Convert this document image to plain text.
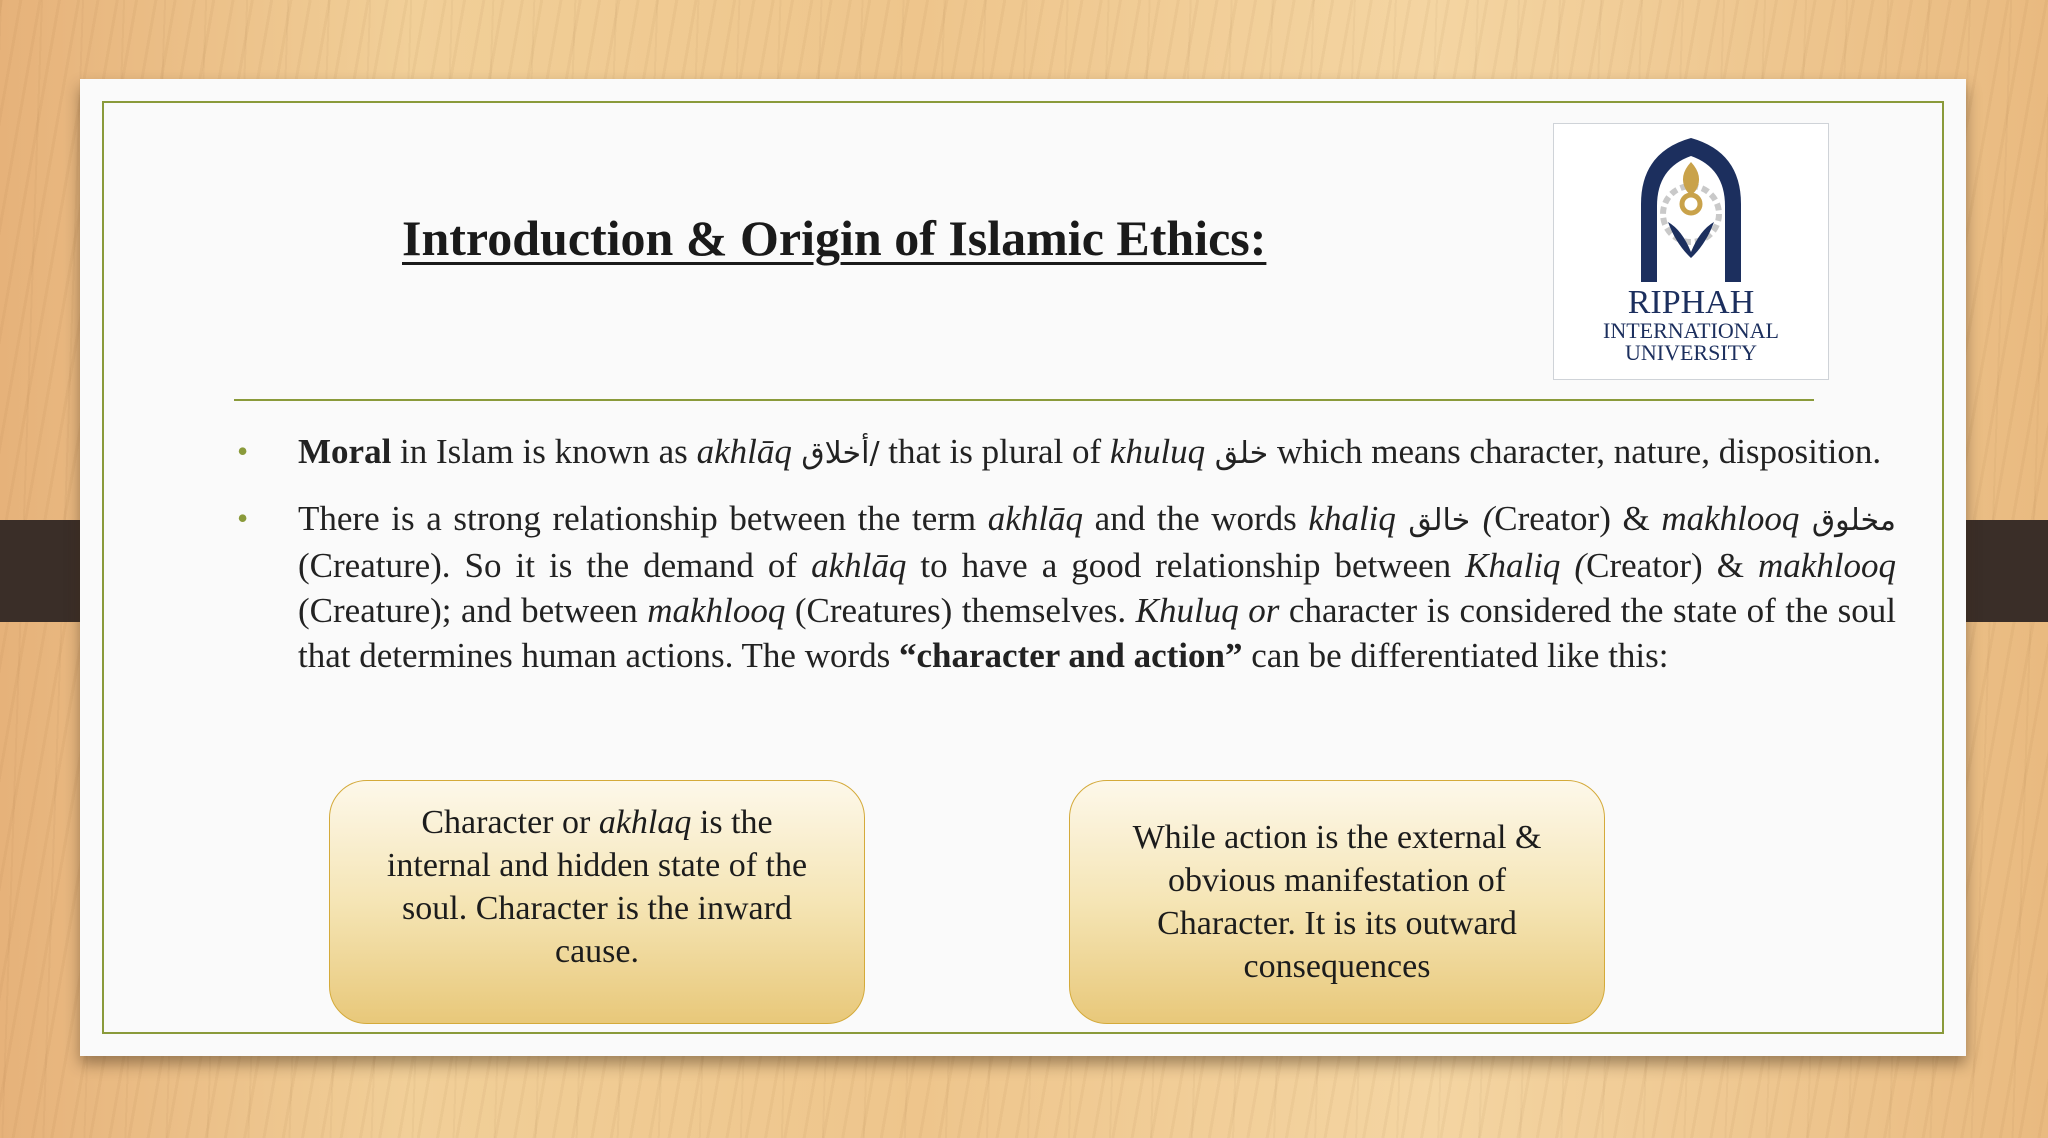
Introduction & Origin of Islamic Ethics:
RIPHAH
INTERNATIONAL
UNIVERSITY
• Moral in Islam is known as akhlāq أخلاق/ that is plural of khuluq خلق which means character, nature, disposition.
• There is a strong relationship between the term akhlāq and the words khaliq خالق (Creator) & makhlooq مخلوق (Creature). So it is the demand of akhlāq to have a good relationship between Khaliq (Creator) & makhlooq (Creature); and between makhlooq (Creatures) themselves. Khuluq or character is considered the state of the soul that determines human actions. The words “character and action” can be differentiated like this:
Character or akhlaq is the internal and hidden state of the soul. Character is the inward cause.
While action is the external & obvious manifestation of Character. It is its outward consequences
